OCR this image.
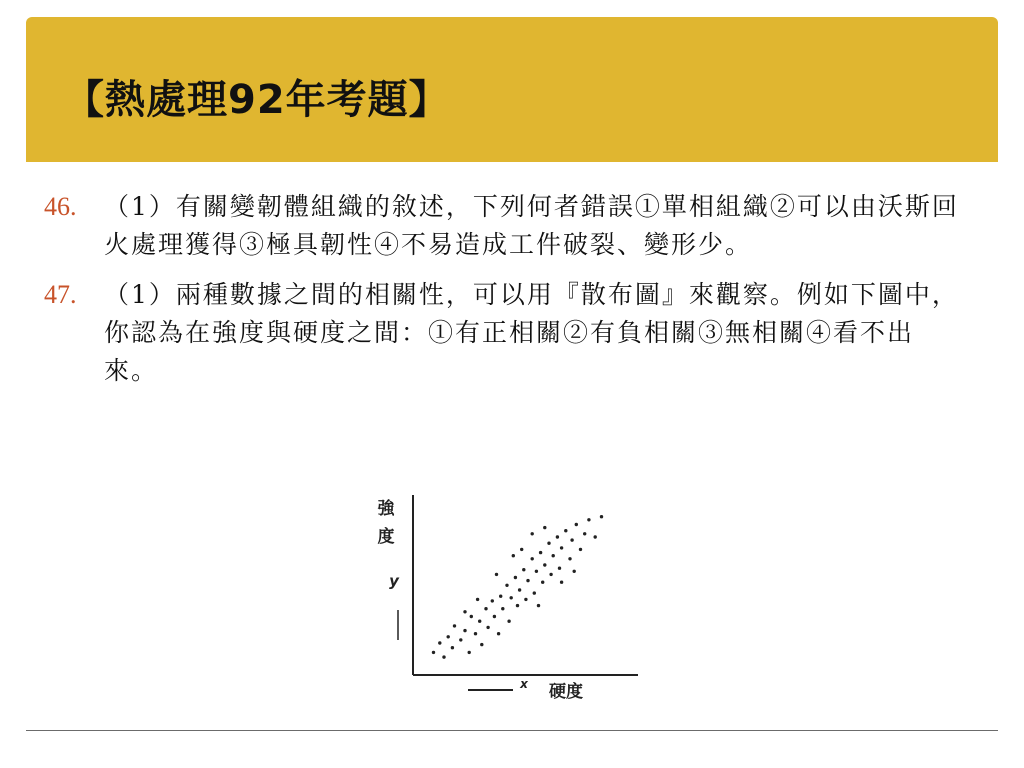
【熱處理92年考題】
46.	（1）有關變韌體組織的敘述，下列何者錯誤①單相組織②可以由沃斯回火處理獲得③極具韌性④不易造成工件破裂、變形少。
47.	（1）兩種數據之間的相關性，可以用『散布圖』來觀察。例如下圖中，你認為在強度與硬度之間：①有正相關②有負相關③無相關④看不出來。
強
度
y
x 硬度
